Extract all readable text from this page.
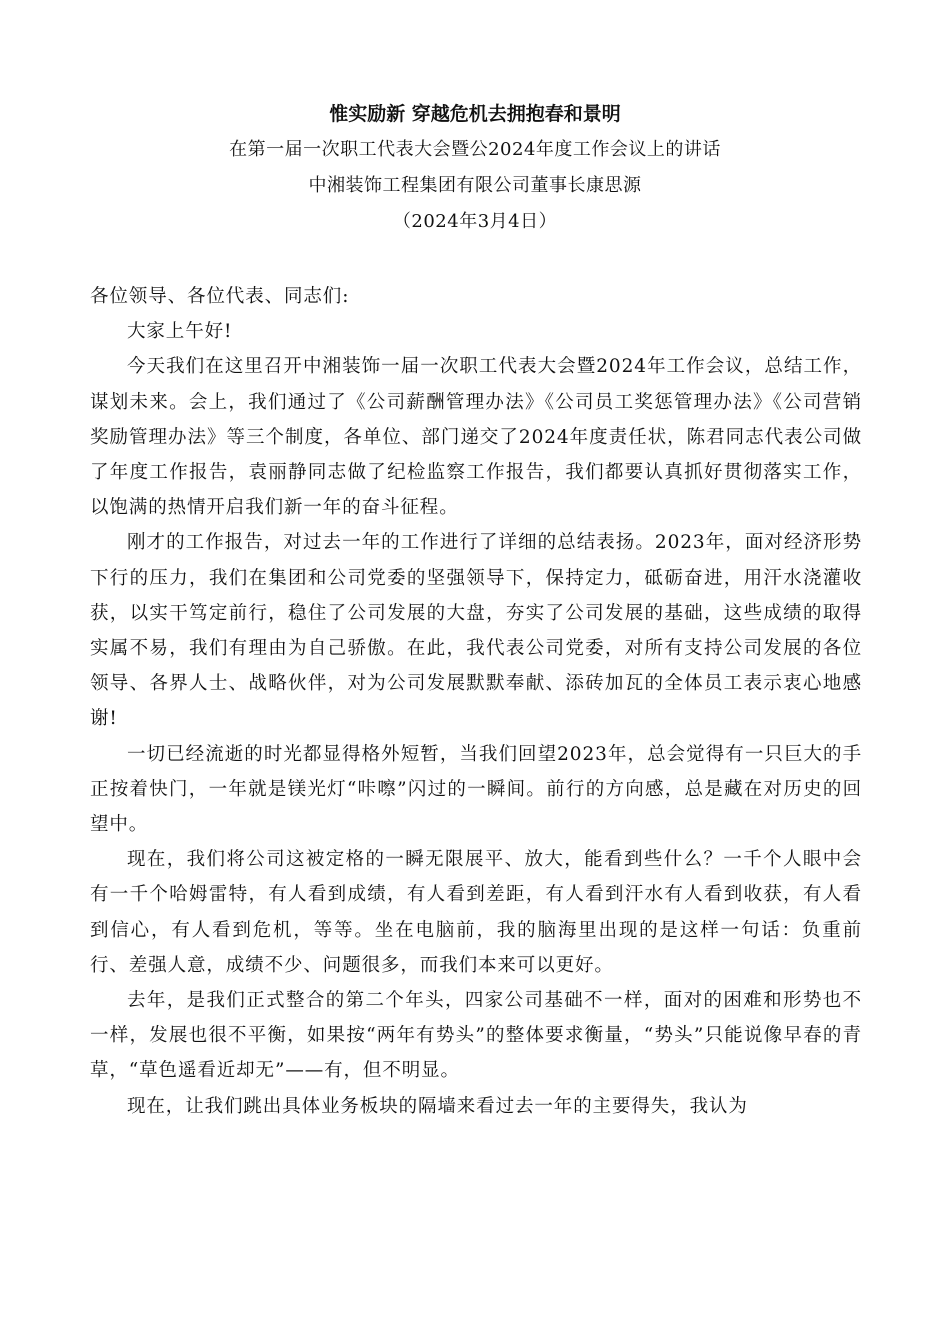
惟实励新 穿越危机去拥抱春和景明
在第一届一次职工代表大会暨公2024年度工作会议上的讲话
中湘装饰工程集团有限公司董事长康思源
（2024年3月4日）

各位领导、各位代表、同志们:

大家上午好!

今天我们在这里召开中湘装饰一届一次职工代表大会暨2024年工作会议，总结工作，谋划未来。会上，我们通过了《公司薪酬管理办法》《公司员工奖惩管理办法》《公司营销奖励管理办法》等三个制度，各单位、部门递交了2024年度责任状，陈君同志代表公司做了年度工作报告，袁丽静同志做了纪检监察工作报告，我们都要认真抓好贯彻落实工作，以饱满的热情开启我们新一年的奋斗征程。

刚才的工作报告，对过去一年的工作进行了详细的总结表扬。2023年，面对经济形势下行的压力，我们在集团和公司党委的坚强领导下，保持定力，砥砺奋进，用汗水浇灌收获，以实干笃定前行，稳住了公司发展的大盘，夯实了公司发展的基础，这些成绩的取得实属不易，我们有理由为自己骄傲。在此，我代表公司党委，对所有支持公司发展的各位领导、各界人士、战略伙伴，对为公司发展默默奉献、添砖加瓦的全体员工表示衷心地感谢!

一切已经流逝的时光都显得格外短暂，当我们回望2023年，总会觉得有一只巨大的手正按着快门，一年就是镁光灯“咔嚓”闪过的一瞬间。前行的方向感，总是藏在对历史的回望中。

现在，我们将公司这被定格的一瞬无限展平、放大，能看到些什么？一千个人眼中会有一千个哈姆雷特，有人看到成绩，有人看到差距，有人看到汗水有人看到收获，有人看到信心，有人看到危机，等等。坐在电脑前，我的脑海里出现的是这样一句话：负重前行、差强人意，成绩不少、问题很多，而我们本来可以更好。

去年，是我们正式整合的第二个年头，四家公司基础不一样，面对的困难和形势也不一样，发展也很不平衡，如果按“两年有势头”的整体要求衡量，“势头”只能说像早春的青草，“草色遥看近却无”——有，但不明显。

现在，让我们跳出具体业务板块的隔墙来看过去一年的主要得失，我认为
